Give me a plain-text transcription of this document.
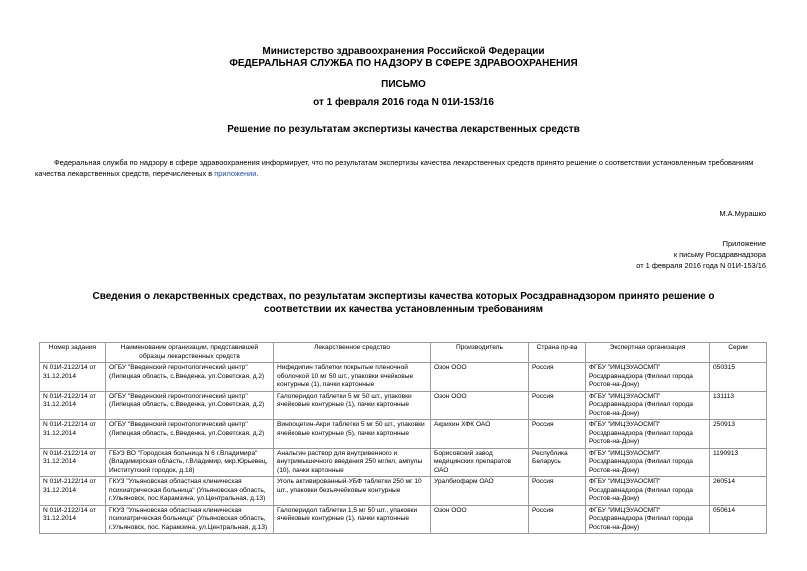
Министерство здравоохранения Российской Федерации
ФЕДЕРАЛЬНАЯ СЛУЖБА ПО НАДЗОРУ В СФЕРЕ ЗДРАВООХРАНЕНИЯ
ПИСЬМО
от 1 февраля 2016 года N 01И-153/16
Решение по результатам экспертизы качества лекарственных средств
Федеральная служба по надзору в сфере здравоохранения информирует, что по результатам экспертизы качества лекарственных средств принято решение о соответствии установленным требованиям качества лекарственных средств, перечисленных в приложении.
М.А.Мурашко
Приложение
к письму Росздравнадзора
от 1 февраля 2016 года N 01И-153/16
Сведения о лекарственных средствах, по результатам экспертизы качества которых Росздравнадзором принято решение о соответствии их качества установленным требованиям
Номер задания	Наименование организации, представившей образцы лекарственных средств	Лекарственное средство	Производитель	Страна пр-ва	Экспертная организация	Серии
N 01И-2122/14 от 31.12.2014	ОГБУ "Введенский геронтологический центр" (Липецкая область, с.Введенка, ул.Советская, д.2)	Нифедипин таблетки покрытые пленочной оболочкой 10 мг 50 шт., упаковки ячейковые контурные (1), пачки картонные	Озон ООО	Россия	ФГБУ "ИМЦЭУАОСМП" Росздравнадзора (Филиал города Ростов-на-Дону)	050315
N 01И-2122/14 от 31.12.2014	ОГБУ "Введенский геронтологический центр" (Липецкая область, с.Введенка, ул.Советская, д.2)	Галоперидол таблетки 5 мг 50 шт., упаковки ячейковые контурные (1), пачки картонные	Озон ООО	Россия	ФГБУ "ИМЦЭУАОСМП" Росздравнадзора (Филиал города Ростов-на-Дону)	131113
N 01И-2122/14 от 31.12.2014	ОГБУ "Введенский геронтологический центр" (Липецкая область, с.Введенка, ул.Советская, д.2)	Винпоцетин-Акри таблетки 5 мг 50 шт., упаковки ячейковые контурные (5), пачки картонные	Акрихин ХФК ОАО	Россия	ФГБУ "ИМЦЭУАОСМП" Росздравнадзора (Филиал города Ростов-на-Дону)	250913
N 01И-2122/14 от 31.12.2014	ГБУЗ ВО "Городская больница N 6 г.Владимира" (Владимирская область, г.Владимир, мкр.Юрьевец, Институтский городок, д.18)	Анальгин раствор для внутривенного и внутримышечного введения 250 мг/мл, ампулы (10), пачки картонные	Борисовский завод медицинских препаратов ОАО	Республика Беларусь	ФГБУ "ИМЦЭУАОСМП" Росздравнадзора (Филиал города Ростов-на-Дону)	1190913
N 01И-2122/14 от 31.12.2014	ГКУЗ "Ульяновская областная клиническая психиатрическая больница" (Ульяновская область, г.Ульяновск, пос.Карамзина, ул.Центральная, д.13)	Уголь активированный-УБФ таблетки 250 мг 10 шт., упаковки безъячейковые контурные	Уралбиофарм ОАО	Россия	ФГБУ "ИМЦЭУАОСМП" Росздравнадзора (Филиал города Ростов-на-Дону)	260514
N 01И-2122/14 от 31.12.2014	ГКУЗ "Ульяновская областная клиническая психиатрическая больница" (Ульяновская область, г.Ульяновск, пос. Карамзина, ул.Центральная, д.13)	Галоперидол таблетки 1,5 мг 50 шт., упаковки ячейковые контурные (1), пачки картонные	Озон ООО	Россия	ФГБУ "ИМЦЭУАОСМП" Росздравнадзора (Филиал города Ростов-на-Дону)	050614
